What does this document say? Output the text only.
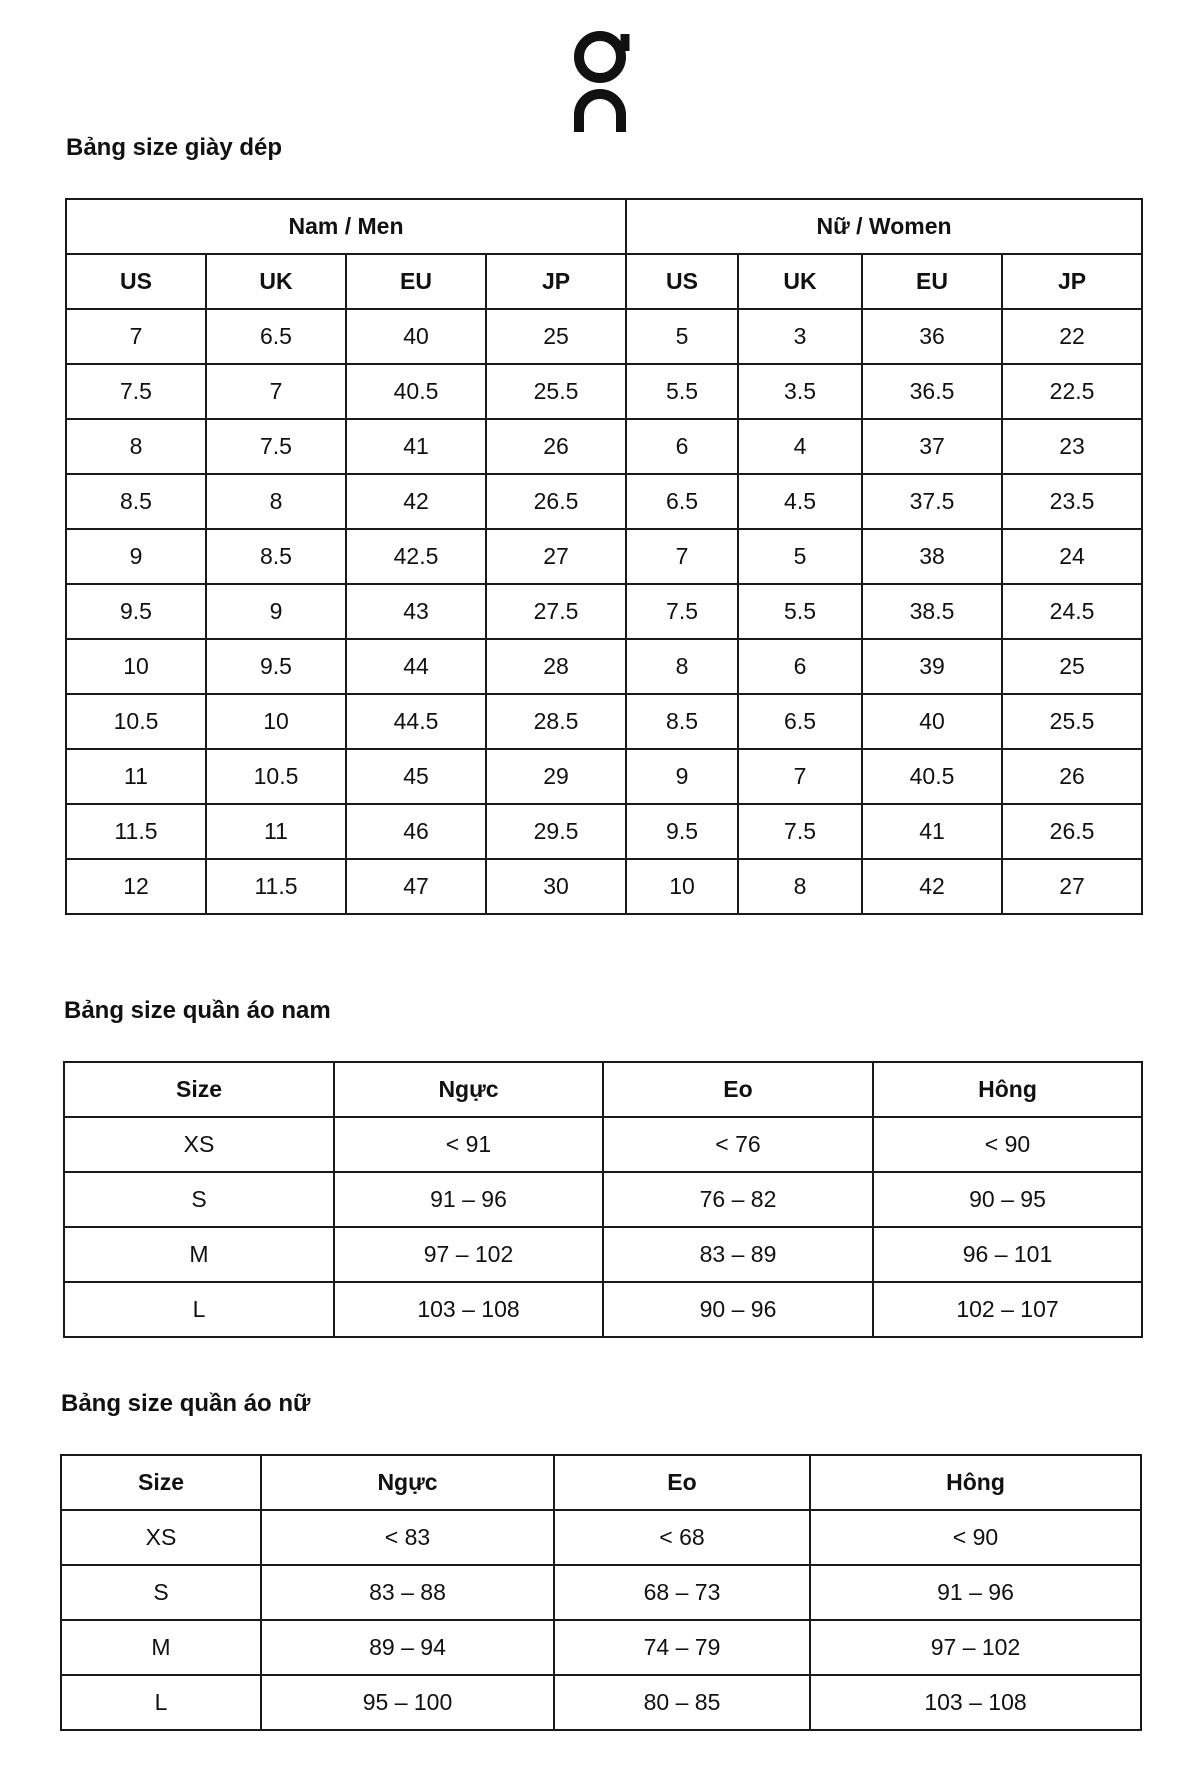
Bảng size giày dép
Nam / Men				Nữ / Women			
US	UK	EU	JP	US	UK	EU	JP
7	6.5	40	25	5	3	36	22
7.5	7	40.5	25.5	5.5	3.5	36.5	22.5
8	7.5	41	26	6	4	37	23
8.5	8	42	26.5	6.5	4.5	37.5	23.5
9	8.5	42.5	27	7	5	38	24
9.5	9	43	27.5	7.5	5.5	38.5	24.5
10	9.5	44	28	8	6	39	25
10.5	10	44.5	28.5	8.5	6.5	40	25.5
11	10.5	45	29	9	7	40.5	26
11.5	11	46	29.5	9.5	7.5	41	26.5
12	11.5	47	30	10	8	42	27
Bảng size quần áo nam
Size	Ngực	Eo	Hông
XS	< 91	< 76	< 90
S	91 – 96	76 – 82	90 – 95
M	97 – 102	83 – 89	96 – 101
L	103 – 108	90 – 96	102 – 107
Bảng size quần áo nữ
Size	Ngực	Eo	Hông
XS	< 83	< 68	< 90
S	83 – 88	68 – 73	91 – 96
M	89 – 94	74 – 79	97 – 102
L	95 – 100	80 – 85	103 – 108
